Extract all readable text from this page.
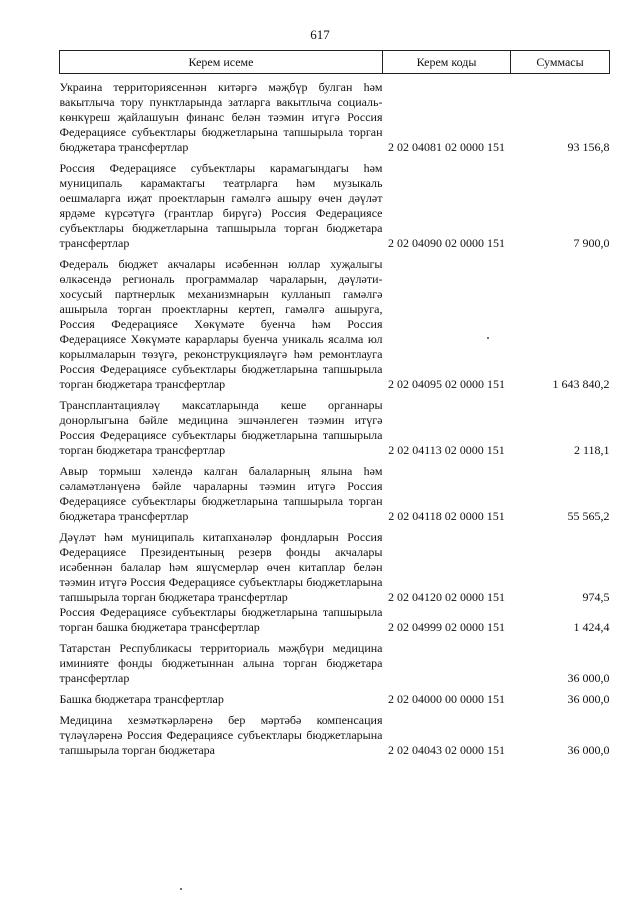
617
Керем исеме	Керем коды	Суммасы

Украина территориясеннән китәргә мәҗбүр булган һәм вакытлыча тору пунктларында затларга вакытлыча социаль-көнкүреш җайлашуын финанс белән тәэмин итүгә Россия Федерациясе субъектлары бюджетларына тапшырыла торган бюджетара трансфертлар	2 02 04081 02 0000 151	93 156,8

Россия Федерациясе субъектлары карамагындагы һәм муниципаль карамактагы театрларга һәм музыкаль оешмаларга иҗат проектларын гамәлгә ашыру өчен дәүләт ярдәме күрсәтүгә (грантлар бирүгә) Россия Федерациясе субъектлары бюджетларына тапшырыла торган бюджетара трансфертлар	2 02 04090 02 0000 151	7 900,0

Федераль бюджет акчалары исәбеннән юллар хуҗалыгы өлкәсендә региональ программалар чараларын, дәүләти-хосусый партнерлык механизмнарын кулланып гамәлгә ашырыла торган проектларны кертеп, гамәлгә ашыруга, Россия Федерациясе Хөкүмәте буенча һәм Россия Федерациясе Хөкүмәте карарлары буенча уникаль ясалма юл корылмаларын төзүгә, реконструкцияләүгә һәм ремонтлауга Россия Федерациясе субъектлары бюджетларына тапшырыла торган бюджетара трансфертлар	2 02 04095 02 0000 151	1 643 840,2

Трансплантацияләү максатларында кеше органнары донорлыгына бәйле медицина эшчәнлеген тәэмин итүгә Россия Федерациясе субъектлары бюджетларына тапшырыла торган бюджетара трансфертлар	2 02 04113 02 0000 151	2 118,1

Авыр тормыш хәлендә калган балаларның ялына һәм сәламәтләнүенә бәйле чараларны тәэмин итүгә Россия Федерациясе субъектлары бюджетларына тапшырыла торган бюджетара трансфертлар	2 02 04118 02 0000 151	55 565,2

Дәүләт һәм муниципаль китапханәләр фондларын Россия Федерациясе Президентының резерв фонды акчалары исәбеннән балалар һәм яшүсмерләр өчен китаплар белән тәэмин итүгә Россия Федерациясе субъектлары бюджетларына тапшырыла торган бюджетара трансфертлар	2 02 04120 02 0000 151	974,5
Россия Федерациясе субъектлары бюджетларына тапшырыла торган башка бюджетара трансфертлар	2 02 04999 02 0000 151	1 424,4

Татарстан Республикасы территориаль мәҗбүри медицина иминияте фонды бюджетыннан алына торган бюджетара трансфертлар		36 000,0

Башка бюджетара трансфертлар	2 02 04000 00 0000 151	36 000,0

Медицина хезмәткәрләренә бер мәртәбә компенсация түләүләренә Россия Федерациясе субъектлары бюджетларына тапшырыла торган бюджетара	2 02 04043 02 0000 151	36 000,0
